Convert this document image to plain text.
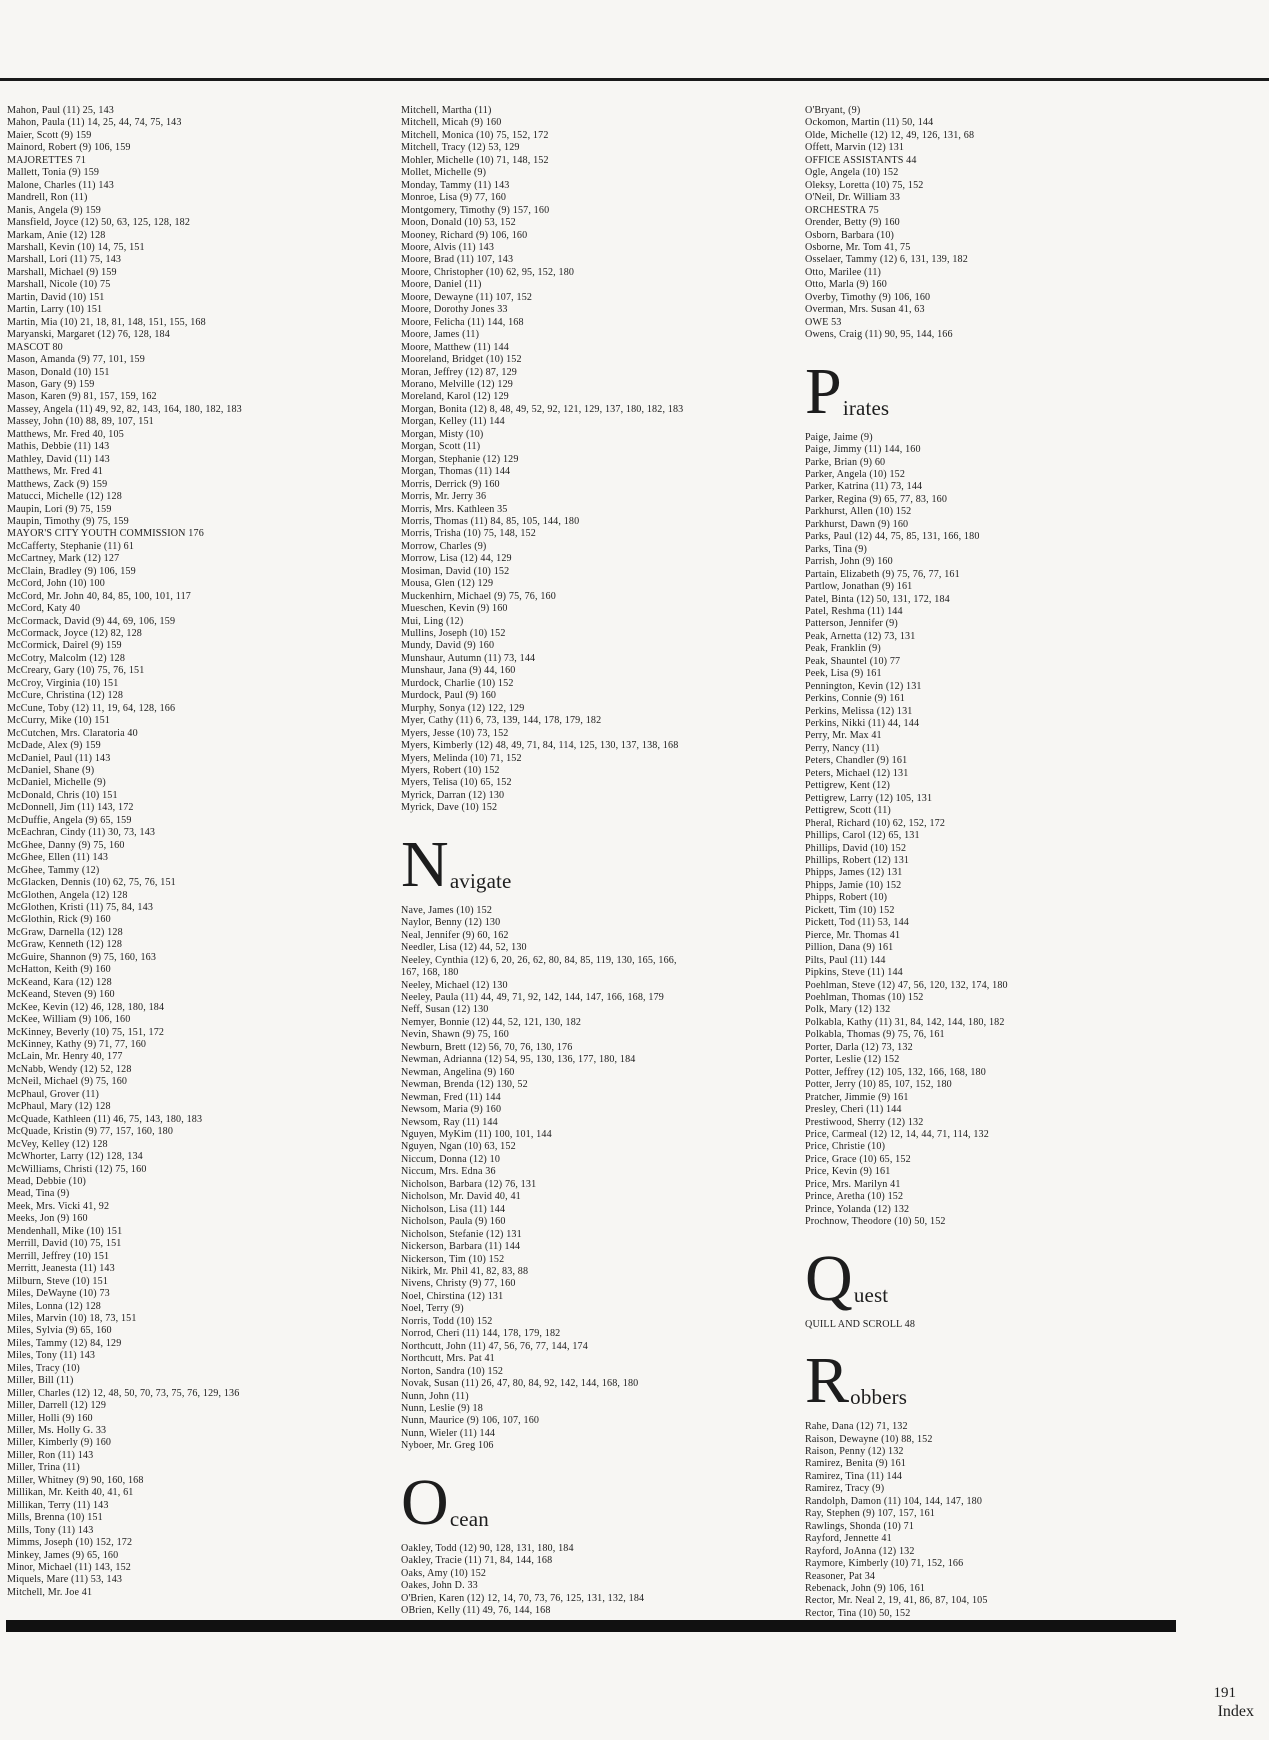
Mahon, Paul (11) 25, 143
Mahon, Paula (11) 14, 25, 44, 74, 75, 143
Maier, Scott (9) 159
Mainord, Robert (9) 106, 159
MAJORETTES 71
Mallett, Tonia (9) 159
Malone, Charles (11) 143
Mandrell, Ron (11)
Manis, Angela (9) 159
Mansfield, Joyce (12) 50, 63, 125, 128, 182
Markam, Anie (12) 128
Marshall, Kevin (10) 14, 75, 151
Marshall, Lori (11) 75, 143
Marshall, Michael (9) 159
Marshall, Nicole (10) 75
Martin, David (10) 151
Martin, Larry (10) 151
Martin, Mia (10) 21, 18, 81, 148, 151, 155, 168
Maryanski, Margaret (12) 76, 128, 184
MASCOT 80
Mason, Amanda (9) 77, 101, 159
Mason, Donald (10) 151
Mason, Gary (9) 159
Mason, Karen (9) 81, 157, 159, 162
Massey, Angela (11) 49, 92, 82, 143, 164, 180, 182, 183
Massey, John (10) 88, 89, 107, 151
Matthews, Mr. Fred 40, 105
Mathis, Debbie (11) 143
Mathley, David (11) 143
Matthews, Mr. Fred 41
Matthews, Zack (9) 159
Matucci, Michelle (12) 128
Maupin, Lori (9) 75, 159
Maupin, Timothy (9) 75, 159
MAYOR'S CITY YOUTH COMMISSION 176
McCafferty, Stephanie (11) 61
McCartney, Mark (12) 127
McClain, Bradley (9) 106, 159
McCord, John (10) 100
McCord, Mr. John 40, 84, 85, 100, 101, 117
McCord, Katy 40
McCormack, David (9) 44, 69, 106, 159
McCormack, Joyce (12) 82, 128
McCormick, Dairel (9) 159
McCotry, Malcolm (12) 128
McCreary, Gary (10) 75, 76, 151
McCroy, Virginia (10) 151
McCure, Christina (12) 128
McCune, Toby (12) 11, 19, 64, 128, 166
McCurry, Mike (10) 151
McCutchen, Mrs. Claratoria 40
McDade, Alex (9) 159
McDaniel, Paul (11) 143
McDaniel, Shane (9)
McDaniel, Michelle (9)
McDonald, Chris (10) 151
McDonnell, Jim (11) 143, 172
McDuffie, Angela (9) 65, 159
McEachran, Cindy (11) 30, 73, 143
McGhee, Danny (9) 75, 160
McGhee, Ellen (11) 143
McGhee, Tammy (12)
McGlacken, Dennis (10) 62, 75, 76, 151
McGlothen, Angela (12) 128
McGlothen, Kristi (11) 75, 84, 143
McGlothin, Rick (9) 160
McGraw, Darnella (12) 128
McGraw, Kenneth (12) 128
McGuire, Shannon (9) 75, 160, 163
McHatton, Keith (9) 160
McKeand, Kara (12) 128
McKeand, Steven (9) 160
McKee, Kevin (12) 46, 128, 180, 184
McKee, William (9) 106, 160
McKinney, Beverly (10) 75, 151, 172
McKinney, Kathy (9) 71, 77, 160
McLain, Mr. Henry 40, 177
McNabb, Wendy (12) 52, 128
McNeil, Michael (9) 75, 160
McPhaul, Grover (11)
McPhaul, Mary (12) 128
McQuade, Kathleen (11) 46, 75, 143, 180, 183
McQuade, Kristin (9) 77, 157, 160, 180
McVey, Kelley (12) 128
McWhorter, Larry (12) 128, 134
McWilliams, Christi (12) 75, 160
Mead, Debbie (10)
Mead, Tina (9)
Meek, Mrs. Vicki 41, 92
Meeks, Jon (9) 160
Mendenhall, Mike (10) 151
Merrill, David (10) 75, 151
Merrill, Jeffrey (10) 151
Merritt, Jeanesta (11) 143
Milburn, Steve (10) 151
Miles, DeWayne (10) 73
Miles, Lonna (12) 128
Miles, Marvin (10) 18, 73, 151
Miles, Sylvia (9) 65, 160
Miles, Tammy (12) 84, 129
Miles, Tony (11) 143
Miles, Tracy (10)
Miller, Bill (11)
Miller, Charles (12) 12, 48, 50, 70, 73, 75, 76, 129, 136
Miller, Darrell (12) 129
Miller, Holli (9) 160
Miller, Ms. Holly G. 33
Miller, Kimberly (9) 160
Miller, Ron (11) 143
Miller, Trina (11)
Miller, Whitney (9) 90, 160, 168
Millikan, Mr. Keith 40, 41, 61
Millikan, Terry (11) 143
Mills, Brenna (10) 151
Mills, Tony (11) 143
Mimms, Joseph (10) 152, 172
Minkey, James (9) 65, 160
Minor, Michael (11) 143, 152
Miquels, Mare (11) 53, 143
Mitchell, Mr. Joe 41
Mitchell, Martha (11)
Mitchell, Micah (9) 160
Mitchell, Monica (10) 75, 152, 172
Mitchell, Tracy (12) 53, 129
Mohler, Michelle (10) 71, 148, 152
Mollet, Michelle (9)
Monday, Tammy (11) 143
Monroe, Lisa (9) 77, 160
Montgomery, Timothy (9) 157, 160
Moon, Donald (10) 53, 152
Mooney, Richard (9) 106, 160
Moore, Alvis (11) 143
Moore, Brad (11) 107, 143
Moore, Christopher (10) 62, 95, 152, 180
Moore, Daniel (11)
Moore, Dewayne (11) 107, 152
Moore, Dorothy Jones 33
Moore, Felicha (11) 144, 168
Moore, James (11)
Moore, Matthew (11) 144
Mooreland, Bridget (10) 152
Moran, Jeffrey (12) 87, 129
Morano, Melville (12) 129
Moreland, Karol (12) 129
Morgan, Bonita (12) 8, 48, 49, 52, 92, 121, 129, 137, 180, 182, 183
Morgan, Kelley (11) 144
Morgan, Misty (10)
Morgan, Scott (11)
Morgan, Stephanie (12) 129
Morgan, Thomas (11) 144
Morris, Derrick (9) 160
Morris, Mr. Jerry 36
Morris, Mrs. Kathleen 35
Morris, Thomas (11) 84, 85, 105, 144, 180
Morris, Trisha (10) 75, 148, 152
Morrow, Charles (9)
Morrow, Lisa (12) 44, 129
Mosiman, David (10) 152
Mousa, Glen (12) 129
Muckenhirn, Michael (9) 75, 76, 160
Mueschen, Kevin (9) 160
Mui, Ling (12)
Mullins, Joseph (10) 152
Mundy, David (9) 160
Munshaur, Autumn (11) 73, 144
Munshaur, Jana (9) 44, 160
Murdock, Charlie (10) 152
Murdock, Paul (9) 160
Murphy, Sonya (12) 122, 129
Myer, Cathy (11) 6, 73, 139, 144, 178, 179, 182
Myers, Jesse (10) 73, 152
Myers, Kimberly (12) 48, 49, 71, 84, 114, 125, 130, 137, 138, 168
Myers, Melinda (10) 71, 152
Myers, Robert (10) 152
Myers, Telisa (10) 65, 152
Myrick, Darran (12) 130
Myrick, Dave (10) 152
N avigate
Nave, James (10) 152
Naylor, Benny (12) 130
Neal, Jennifer (9) 60, 162
Needler, Lisa (12) 44, 52, 130
Neeley, Cynthia (12) 6, 20, 26, 62, 80, 84, 85, 119, 130, 165, 166,
167, 168, 180
Neeley, Michael (12) 130
Neeley, Paula (11) 44, 49, 71, 92, 142, 144, 147, 166, 168, 179
Neff, Susan (12) 130
Nemyer, Bonnie (12) 44, 52, 121, 130, 182
Nevin, Shawn (9) 75, 160
Newburn, Brett (12) 56, 70, 76, 130, 176
Newman, Adrianna (12) 54, 95, 130, 136, 177, 180, 184
Newman, Angelina (9) 160
Newman, Brenda (12) 130, 52
Newman, Fred (11) 144
Newsom, Maria (9) 160
Newsom, Ray (11) 144
Nguyen, MyKim (11) 100, 101, 144
Nguyen, Ngan (10) 63, 152
Niccum, Donna (12) 10
Niccum, Mrs. Edna 36
Nicholson, Barbara (12) 76, 131
Nicholson, Mr. David 40, 41
Nicholson, Lisa (11) 144
Nicholson, Paula (9) 160
Nicholson, Stefanie (12) 131
Nickerson, Barbara (11) 144
Nickerson, Tim (10) 152
Nikirk, Mr. Phil 41, 82, 83, 88
Nivens, Christy (9) 77, 160
Noel, Chirstina (12) 131
Noel, Terry (9)
Norris, Todd (10) 152
Norrod, Cheri (11) 144, 178, 179, 182
Northcutt, John (11) 47, 56, 76, 77, 144, 174
Northcutt, Mrs. Pat 41
Norton, Sandra (10) 152
Novak, Susan (11) 26, 47, 80, 84, 92, 142, 144, 168, 180
Nunn, John (11)
Nunn, Leslie (9) 18
Nunn, Maurice (9) 106, 107, 160
Nunn, Wieler (11) 144
Nyboer, Mr. Greg 106
O cean
Oakley, Todd (12) 90, 128, 131, 180, 184
Oakley, Tracie (11) 71, 84, 144, 168
Oaks, Amy (10) 152
Oakes, John D. 33
O'Brien, Karen (12) 12, 14, 70, 73, 76, 125, 131, 132, 184
OBrien, Kelly (11) 49, 76, 144, 168
O'Bryant, (9)
Ockomon, Martin (11) 50, 144
Olde, Michelle (12) 12, 49, 126, 131, 68
Offett, Marvin (12) 131
OFFICE ASSISTANTS 44
Ogle, Angela (10) 152
Oleksy, Loretta (10) 75, 152
O'Neil, Dr. William 33
ORCHESTRA 75
Orender, Betty (9) 160
Osborn, Barbara (10)
Osborne, Mr. Tom 41, 75
Osselaer, Tammy (12) 6, 131, 139, 182
Otto, Marilee (11)
Otto, Marla (9) 160
Overby, Timothy (9) 106, 160
Overman, Mrs. Susan 41, 63
OWE 53
Owens, Craig (11) 90, 95, 144, 166
P irates
Paige, Jaime (9)
Paige, Jimmy (11) 144, 160
Parke, Brian (9) 60
Parker, Angela (10) 152
Parker, Katrina (11) 73, 144
Parker, Regina (9) 65, 77, 83, 160
Parkhurst, Allen (10) 152
Parkhurst, Dawn (9) 160
Parks, Paul (12) 44, 75, 85, 131, 166, 180
Parks, Tina (9)
Parrish, John (9) 160
Partain, Elizabeth (9) 75, 76, 77, 161
Partlow, Jonathan (9) 161
Patel, Binta (12) 50, 131, 172, 184
Patel, Reshma (11) 144
Patterson, Jennifer (9)
Peak, Arnetta (12) 73, 131
Peak, Franklin (9)
Peak, Shauntel (10) 77
Peek, Lisa (9) 161
Pennington, Kevin (12) 131
Perkins, Connie (9) 161
Perkins, Melissa (12) 131
Perkins, Nikki (11) 44, 144
Perry, Mr. Max 41
Perry, Nancy (11)
Peters, Chandler (9) 161
Peters, Michael (12) 131
Pettigrew, Kent (12)
Pettigrew, Larry (12) 105, 131
Pettigrew, Scott (11)
Pheral, Richard (10) 62, 152, 172
Phillips, Carol (12) 65, 131
Phillips, David (10) 152
Phillips, Robert (12) 131
Phipps, James (12) 131
Phipps, Jamie (10) 152
Phipps, Robert (10)
Pickett, Tim (10) 152
Pickett, Tod (11) 53, 144
Pierce, Mr. Thomas 41
Pillion, Dana (9) 161
Pilts, Paul (11) 144
Pipkins, Steve (11) 144
Poehlman, Steve (12) 47, 56, 120, 132, 174, 180
Poehlman, Thomas (10) 152
Polk, Mary (12) 132
Polkabla, Kathy (11) 31, 84, 142, 144, 180, 182
Polkabla, Thomas (9) 75, 76, 161
Porter, Darla (12) 73, 132
Porter, Leslie (12) 152
Potter, Jeffrey (12) 105, 132, 166, 168, 180
Potter, Jerry (10) 85, 107, 152, 180
Pratcher, Jimmie (9) 161
Presley, Cheri (11) 144
Prestiwood, Sherry (12) 132
Price, Carmeal (12) 12, 14, 44, 71, 114, 132
Price, Christie (10)
Price, Grace (10) 65, 152
Price, Kevin (9) 161
Price, Mrs. Marilyn 41
Prince, Aretha (10) 152
Prince, Yolanda (12) 132
Prochnow, Theodore (10) 50, 152
Q uest
QUILL AND SCROLL 48
R obbers
Rahe, Dana (12) 71, 132
Raison, Dewayne (10) 88, 152
Raison, Penny (12) 132
Ramirez, Benita (9) 161
Ramirez, Tina (11) 144
Ramirez, Tracy (9)
Randolph, Damon (11) 104, 144, 147, 180
Ray, Stephen (9) 107, 157, 161
Rawlings, Shonda (10) 71
Rayford, Jennette 41
Rayford, JoAnna (12) 132
Raymore, Kimberly (10) 71, 152, 166
Reasoner, Pat 34
Rebenack, John (9) 106, 161
Rector, Mr. Neal 2, 19, 41, 86, 87, 104, 105
Rector, Tina (10) 50, 152
191
Index
